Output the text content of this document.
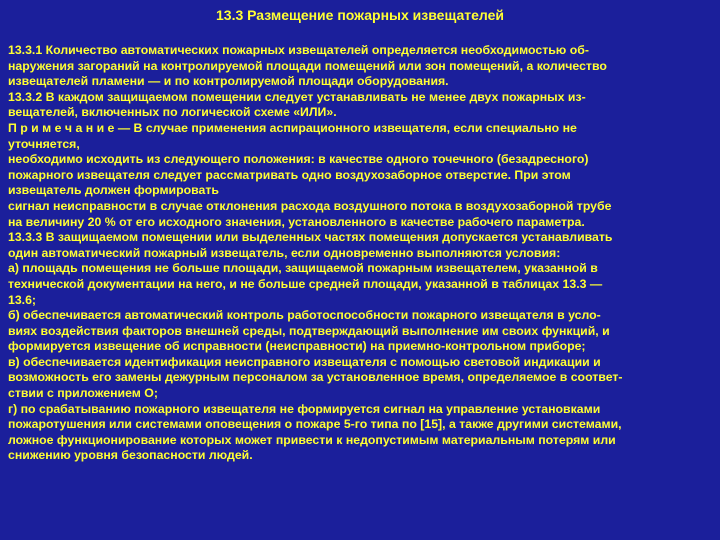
13.3 Размещение пожарных извещателей
13.3.1 Количество автоматических пожарных извещателей определяется необходимостью об-
наружения загораний на контролируемой площади помещений или зон помещений, а количество
извещателей пламени — и по контролируемой площади оборудования.
13.3.2 В каждом защищаемом помещении следует устанавливать не менее двух пожарных из-
вещателей, включенных по логической схеме «ИЛИ».
П р и м е ч а н и е — В случае применения аспирационного извещателя, если специально не
уточняется,
необходимо исходить из следующего положения: в качестве одного точечного (безадресного)
пожарного извещателя следует рассматривать одно воздухозаборное отверстие. При этом
извещатель должен формировать
сигнал неисправности в случае отклонения расхода воздушного потока в воздухозаборной трубе
на величину 20 % от его исходного значения, установленного в качестве рабочего параметра.
13.3.3 В защищаемом помещении или выделенных частях помещения допускается устанавливать
один автоматический пожарный извещатель, если одновременно выполняются условия:
а) площадь помещения не больше площади, защищаемой пожарным извещателем, указанной в
технической документации на него, и не больше средней площади, указанной в таблицах 13.3 —
13.6;
б) обеспечивается автоматический контроль работоспособности пожарного извещателя в усло-
виях воздействия факторов внешней среды, подтверждающий выполнение им своих функций, и
формируется извещение об исправности (неисправности) на приемно-контрольном приборе;
в) обеспечивается идентификация неисправного извещателя с помощью световой индикации и
возможность его замены дежурным персоналом за установленное время, определяемое в соответ-
ствии с приложением О;
г) по срабатыванию пожарного извещателя не формируется сигнал на управление установками
пожаротушения или системами оповещения о пожаре 5-го типа по [15], а также другими системами,
ложное функционирование которых может привести к недопустимым материальным потерям или
снижению уровня безопасности людей.
